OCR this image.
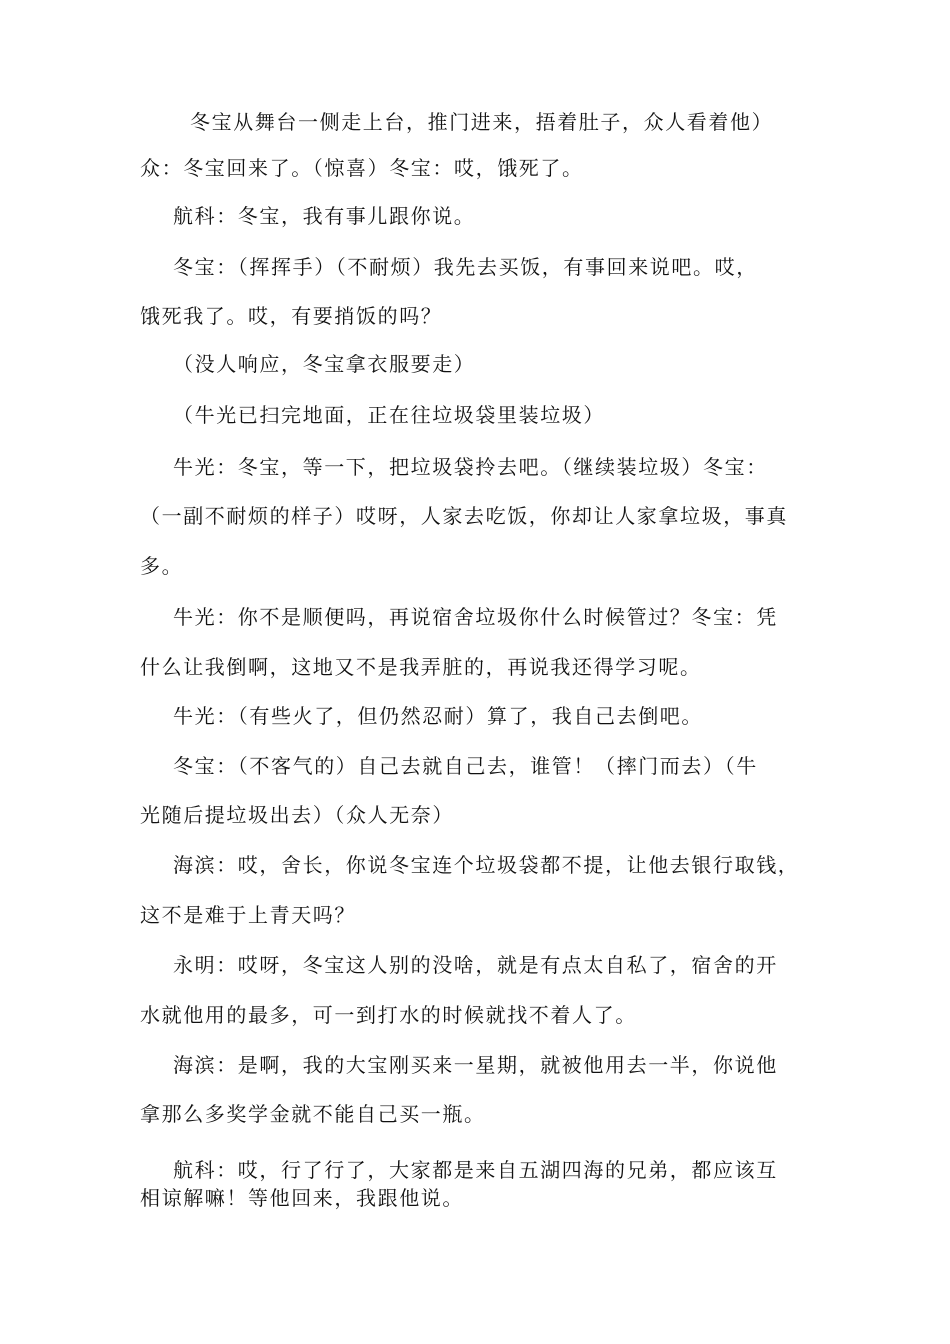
冬宝从舞台一侧走上台，推门进来，捂着肚子，众人看着他）
众：冬宝回来了。（惊喜）冬宝：哎，饿死了。
航科：冬宝，我有事儿跟你说。
冬宝：（挥挥手）（不耐烦）我先去买饭，有事回来说吧。哎，
饿死我了。哎，有要捎饭的吗？
（没人响应，冬宝拿衣服要走）
（牛光已扫完地面，正在往垃圾袋里装垃圾）
牛光：冬宝，等一下，把垃圾袋拎去吧。（继续装垃圾）冬宝：
（一副不耐烦的样子）哎呀，人家去吃饭，你却让人家拿垃圾，事真
多。
牛光：你不是顺便吗，再说宿舍垃圾你什么时候管过？冬宝：凭
什么让我倒啊，这地又不是我弄脏的，再说我还得学习呢。
牛光：（有些火了，但仍然忍耐）算了，我自己去倒吧。
冬宝：（不客气的）自己去就自己去，谁管！（摔门而去）（牛
光随后提垃圾出去）（众人无奈）
海滨：哎，舍长，你说冬宝连个垃圾袋都不提，让他去银行取钱，
这不是难于上青天吗？
永明：哎呀，冬宝这人别的没啥，就是有点太自私了，宿舍的开
水就他用的最多，可一到打水的时候就找不着人了。
海滨：是啊，我的大宝刚买来一星期，就被他用去一半，你说他
拿那么多奖学金就不能自己买一瓶。
航科：哎，行了行了，大家都是来自五湖四海的兄弟，都应该互
相谅解嘛！等他回来，我跟他说。
